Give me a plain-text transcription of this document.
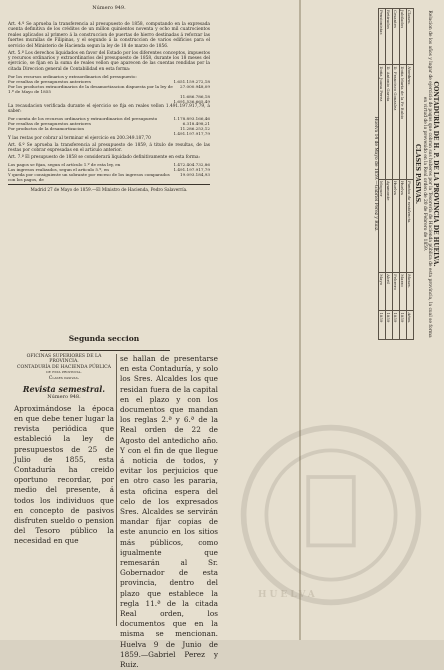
Número 949.

Art. 4.º Se aprueba la transferencia al presupuesto de 1858, computando en la expresada cuenta definitiva de los créditos de un millon quinientos noventa y ocho mil cuatrocientos reales aplicados al primero á la construccion de puertas de hierro destinadas á reforzar las fuertes murallas de Filipinas, y el segundo á la construccion de varios edificios para el servicio del Ministerio de Hacienda segun la ley de 18 de marzo de 1856.

Art. 5.º Los derechos liquidados en favor del Estado por los diferentes conceptos, impuestos y recursos ordinarios y extraordinarios del presupuesto de 1858, durante los 18 meses del ejercicio, se fijan en la suma de reales vellon que aparecen de las cuentas rendidas por la citada Direccion general de Contabilidad en esta forma:

Por los recursos ordinarios y extraordinarios del presupuesto:	
Por resultas de presupuestos anteriores	1.651.159.272,18
Por los productos extraordinarios de la desamortizacion dispuesta por la ley de 1.º de Mayo de 1855	27.000.948,09
	11.686.786,18
	1.691.536.665,49

La recaudacion verificada durante el ejercicio se fija en reales vellon 1.491.197.917,79, á saber:

Por cuenta de los recursos ordinarios y extraordinarios del presupuesto	1.178.893.166,46
Por resultas de presupuestos anteriores	6.318.498,21
Por productos de la desamortizacion	11.286.253,12
	1.491.197.917,79

Y las restas por cobrar al terminar el ejercicio en 200.349.187,70

Art. 6.º Se aprueba la transferencia al presupuesto de 1859, á titulo de resultas, de las restas por cobrar expresadas en el articulo anterior.

Art. 7.º El presupuesto de 1858 se considerará liquidado definitivamente en esta forma:

Los pagos se fijan, segun el artículo 1.º de esta ley, en	1.472.404.732,86
Los ingresos realizados, segun el articulo 5.º, en	1.491.197.917,79
Y queda por consiguiente un sobrante por exceso de los ingresos comparados con los pagos, de	19.093.184,93
Madrid 27 de Mayo de 1859.—El Ministro de Hacienda, Pedro Salaverría.	CONTADURÍA DE H. P. DE LA PROVINCIA DE HUELVA.
Relacion de los años y lugar de ejercicio de pagos que cobran sus haberes por la Tesorería de Hacienda pública de esta provincia, la cual se forma en virtud de lo prevenido en la Real orden de 20 de Febrero de 1859.
CLASES PASIVAS.
Clases.	Nombres.	Puntos de residencia.	Meses.	Años.
Jubilados	Doña María de la Fe Rubio	Huelva	Marzo	1859
Cesantes	D. Francisco Gonzalez	Huelva	Febrero	1859
Retirados	D. Antonio Garcia	Ayamonte	Abril	1859
Pensionistas	Doña Juana Perez	Moguer	Mayo	1859
Huelva 14 de Mayo de 1859.—Gabriel Perez y Ruiz.
Segunda seccion
OFICINAS SUPERIORES DE LA PROVINCIA.
CONTADURÍA DE HACIENDA PÚBLICA de esta provincia.
Clases pasivas.
Revista semestral.
Número 948.
Aproximándose la época en que debe tener lugar la revista periódica que estableció la ley de presupuestos de 25 de Julio de 1855, esta Contaduría ha creido oportuno recordar, por medio del presente, á todos los individuos que en concepto de pasivos disfruten sueldo o pension del Tesoro público la necesidad en que
se hallan de presentarse en esta Contaduría, y solo los Sres. Alcaldes los que residan fuera de la capital en el plazo y con los documentos que mandan los reglas 2.ª y 6.ª de la Real orden de 22 de Agosto del antedicho año. Y con el fin de que llegue á noticia de todos, y evitar los perjuicios que en otro caso les pararia, esta oficina espera del celo de los expresados Sres. Alcaldes se servirán mandar fijar copias de este anuncio en los sitios más públicos, como igualmente que remesarán al Sr. Gobernador de esta provincia, dentro del plazo que establece la regla 11.ª de la citada Real orden, los documentos que en la misma se mencionan. Huelva 9 de Junio de 1859.—Gabriel Perez y Ruiz.
HUELVA
